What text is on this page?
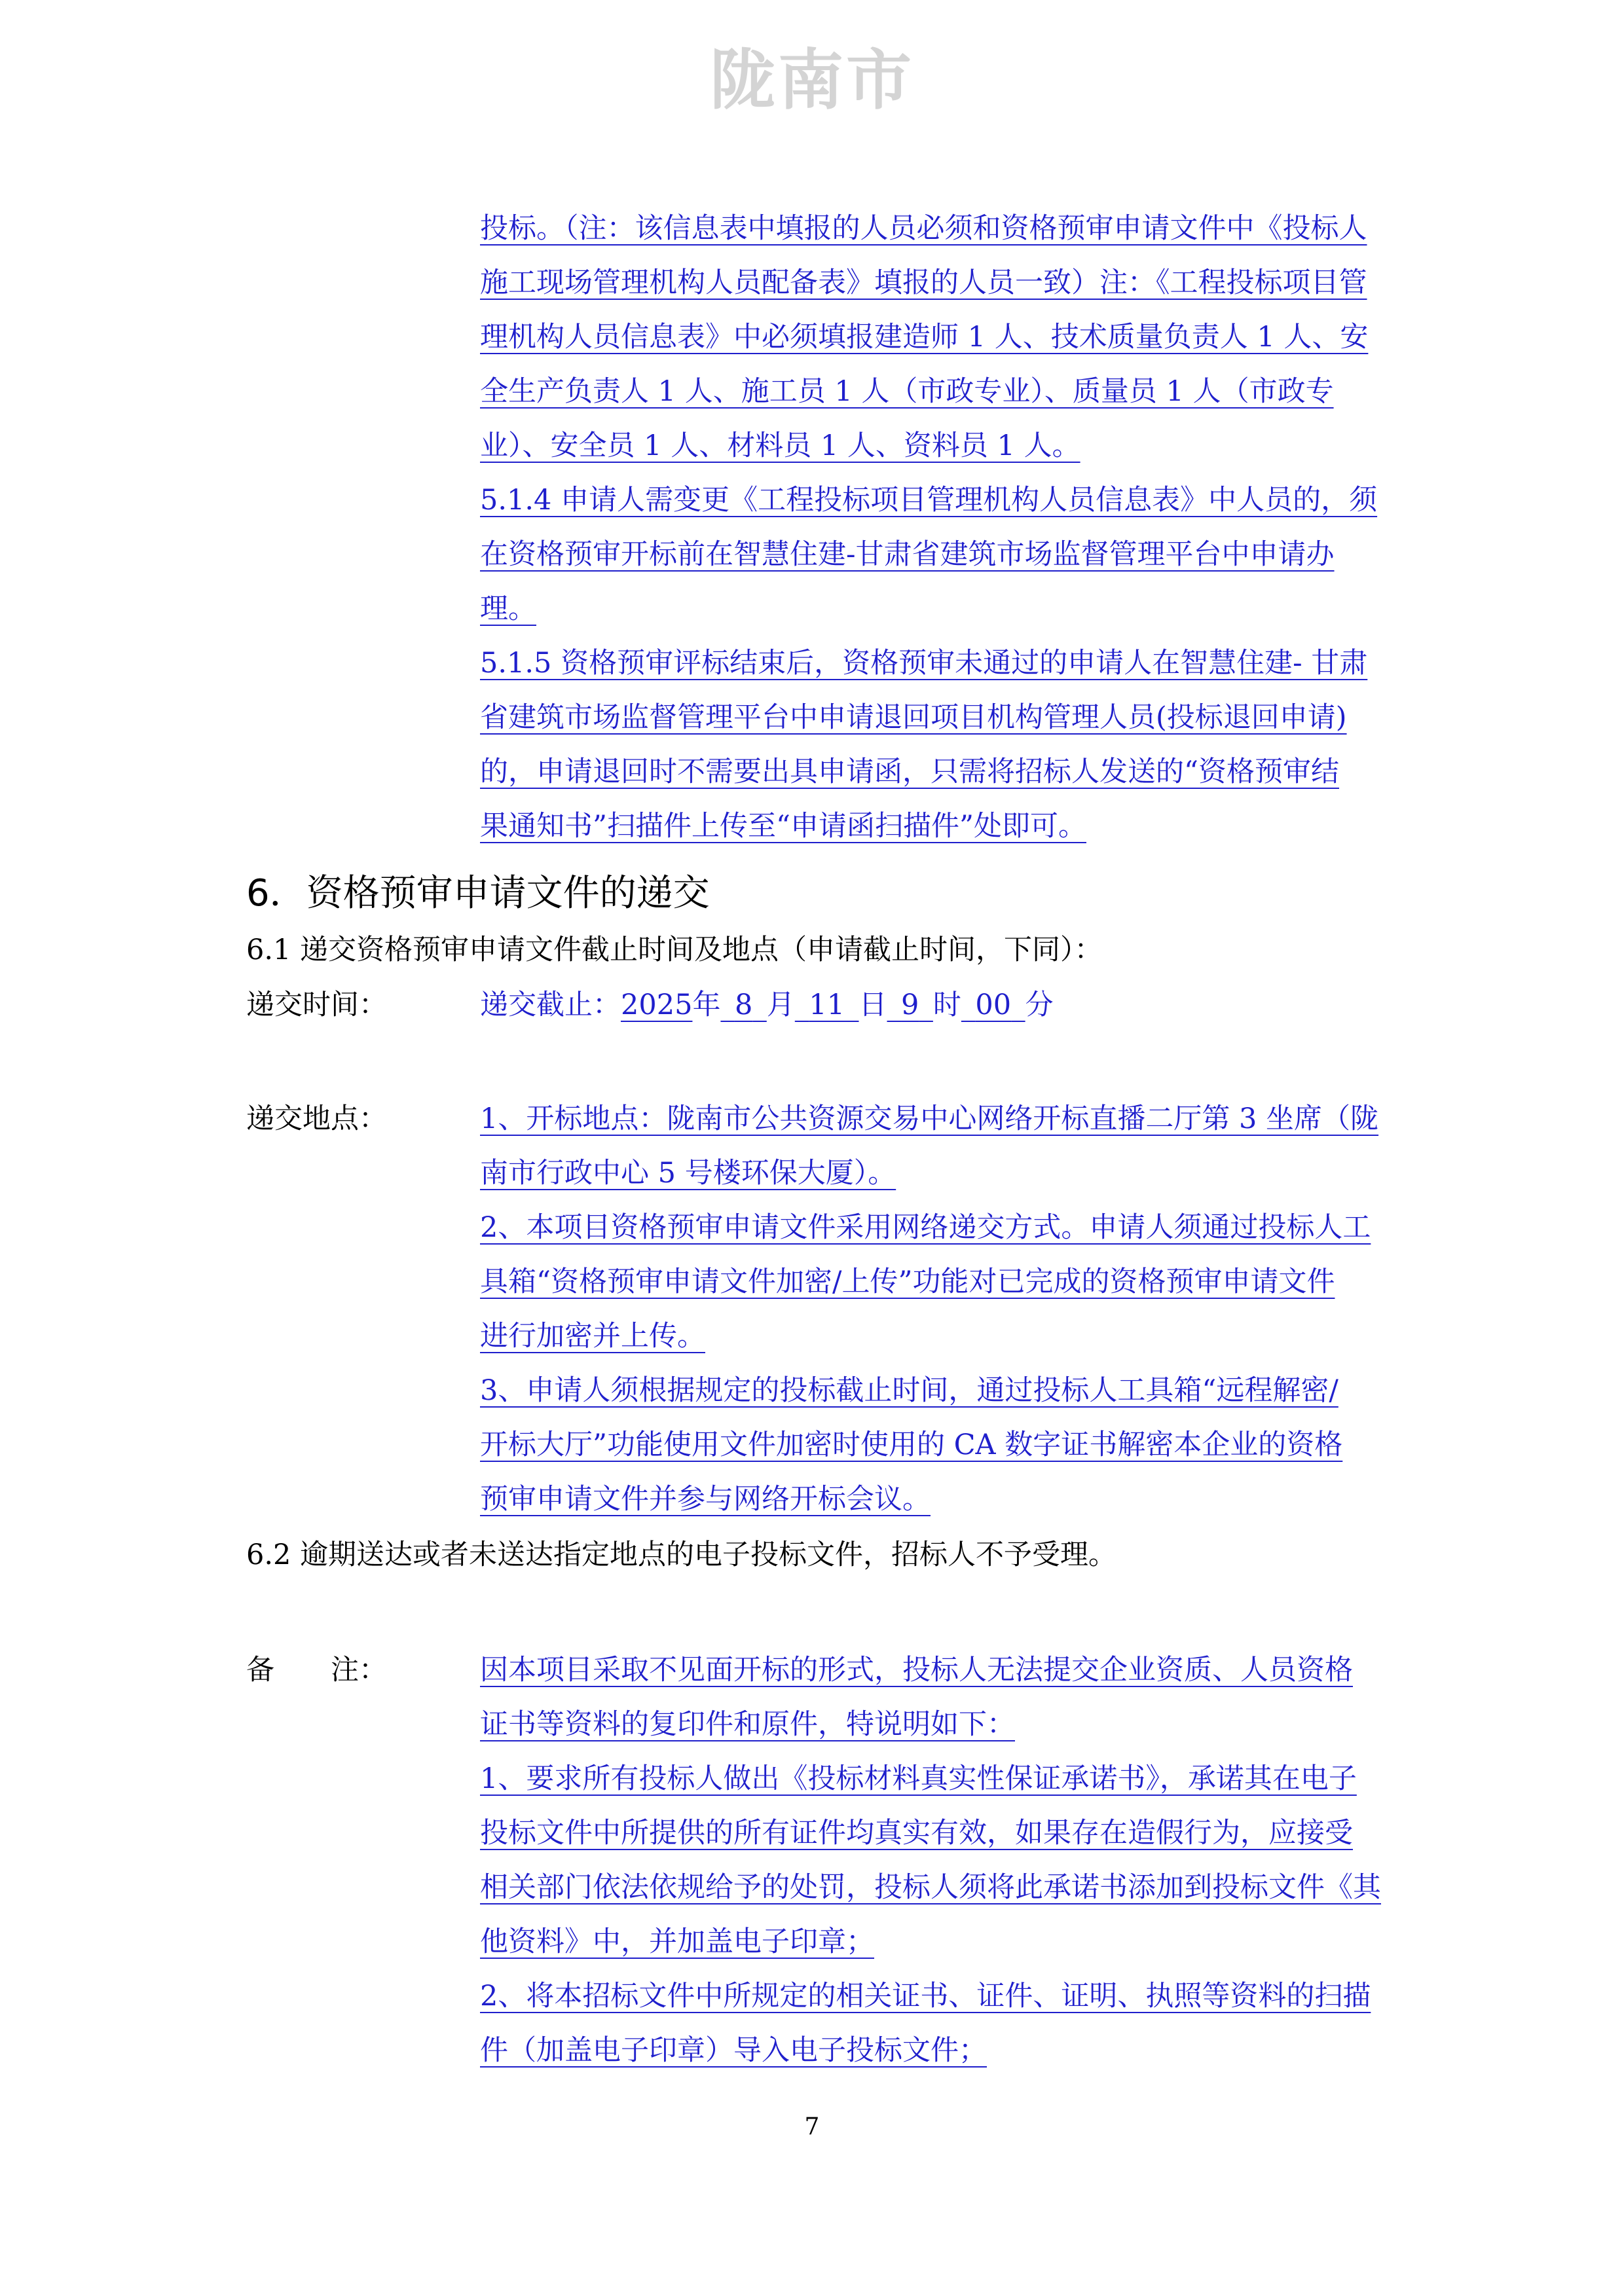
陇南市
投标。（注：该信息表中填报的人员必须和资格预审申请文件中《投标人
施工现场管理机构人员配备表》填报的人员一致）注：《工程投标项目管
理机构人员信息表》中必须填报建造师 1 人、技术质量负责人 1 人、安
全生产负责人 1 人、施工员 1 人（市政专业）、质量员 1 人（市政专
业）、安全员 1 人、材料员 1 人、资料员 1 人。
5.1.4 申请人需变更《工程投标项目管理机构人员信息表》中人员的，须
在资格预审开标前在智慧住建-甘肃省建筑市场监督管理平台中申请办
理。
5.1.5 资格预审评标结束后，资格预审未通过的申请人在智慧住建- 甘肃
省建筑市场监督管理平台中申请退回项目机构管理人员(投标退回申请)
的，申请退回时不需要出具申请函，只需将招标人发送的“资格预审结
果通知书”扫描件上传至“申请函扫描件”处即可。
6．资格预审申请文件的递交
6.1 递交资格预审申请文件截止时间及地点（申请截止时间，下同）：
递交时间：	递交截止：2025年  8  月  11  日  9  时  00  分
递交地点：	1、开标地点：陇南市公共资源交易中心网络开标直播二厅第 3 坐席（陇
南市行政中心 5 号楼环保大厦）。
2、本项目资格预审申请文件采用网络递交方式。申请人须通过投标人工
具箱“资格预审申请文件加密/上传”功能对已完成的资格预审申请文件
进行加密并上传。
3、申请人须根据规定的投标截止时间，通过投标人工具箱“远程解密/
开标大厅”功能使用文件加密时使用的 CA 数字证书解密本企业的资格
预审申请文件并参与网络开标会议。
6.2 逾期送达或者未送达指定地点的电子投标文件，招标人不予受理。
备　　注：	因本项目采取不见面开标的形式，投标人无法提交企业资质、人员资格
证书等资料的复印件和原件，特说明如下：
1、要求所有投标人做出《投标材料真实性保证承诺书》，承诺其在电子
投标文件中所提供的所有证件均真实有效，如果存在造假行为，应接受
相关部门依法依规给予的处罚，投标人须将此承诺书添加到投标文件《其
他资料》中，并加盖电子印章；
2、将本招标文件中所规定的相关证书、证件、证明、执照等资料的扫描
件（加盖电子印章）导入电子投标文件；
7
